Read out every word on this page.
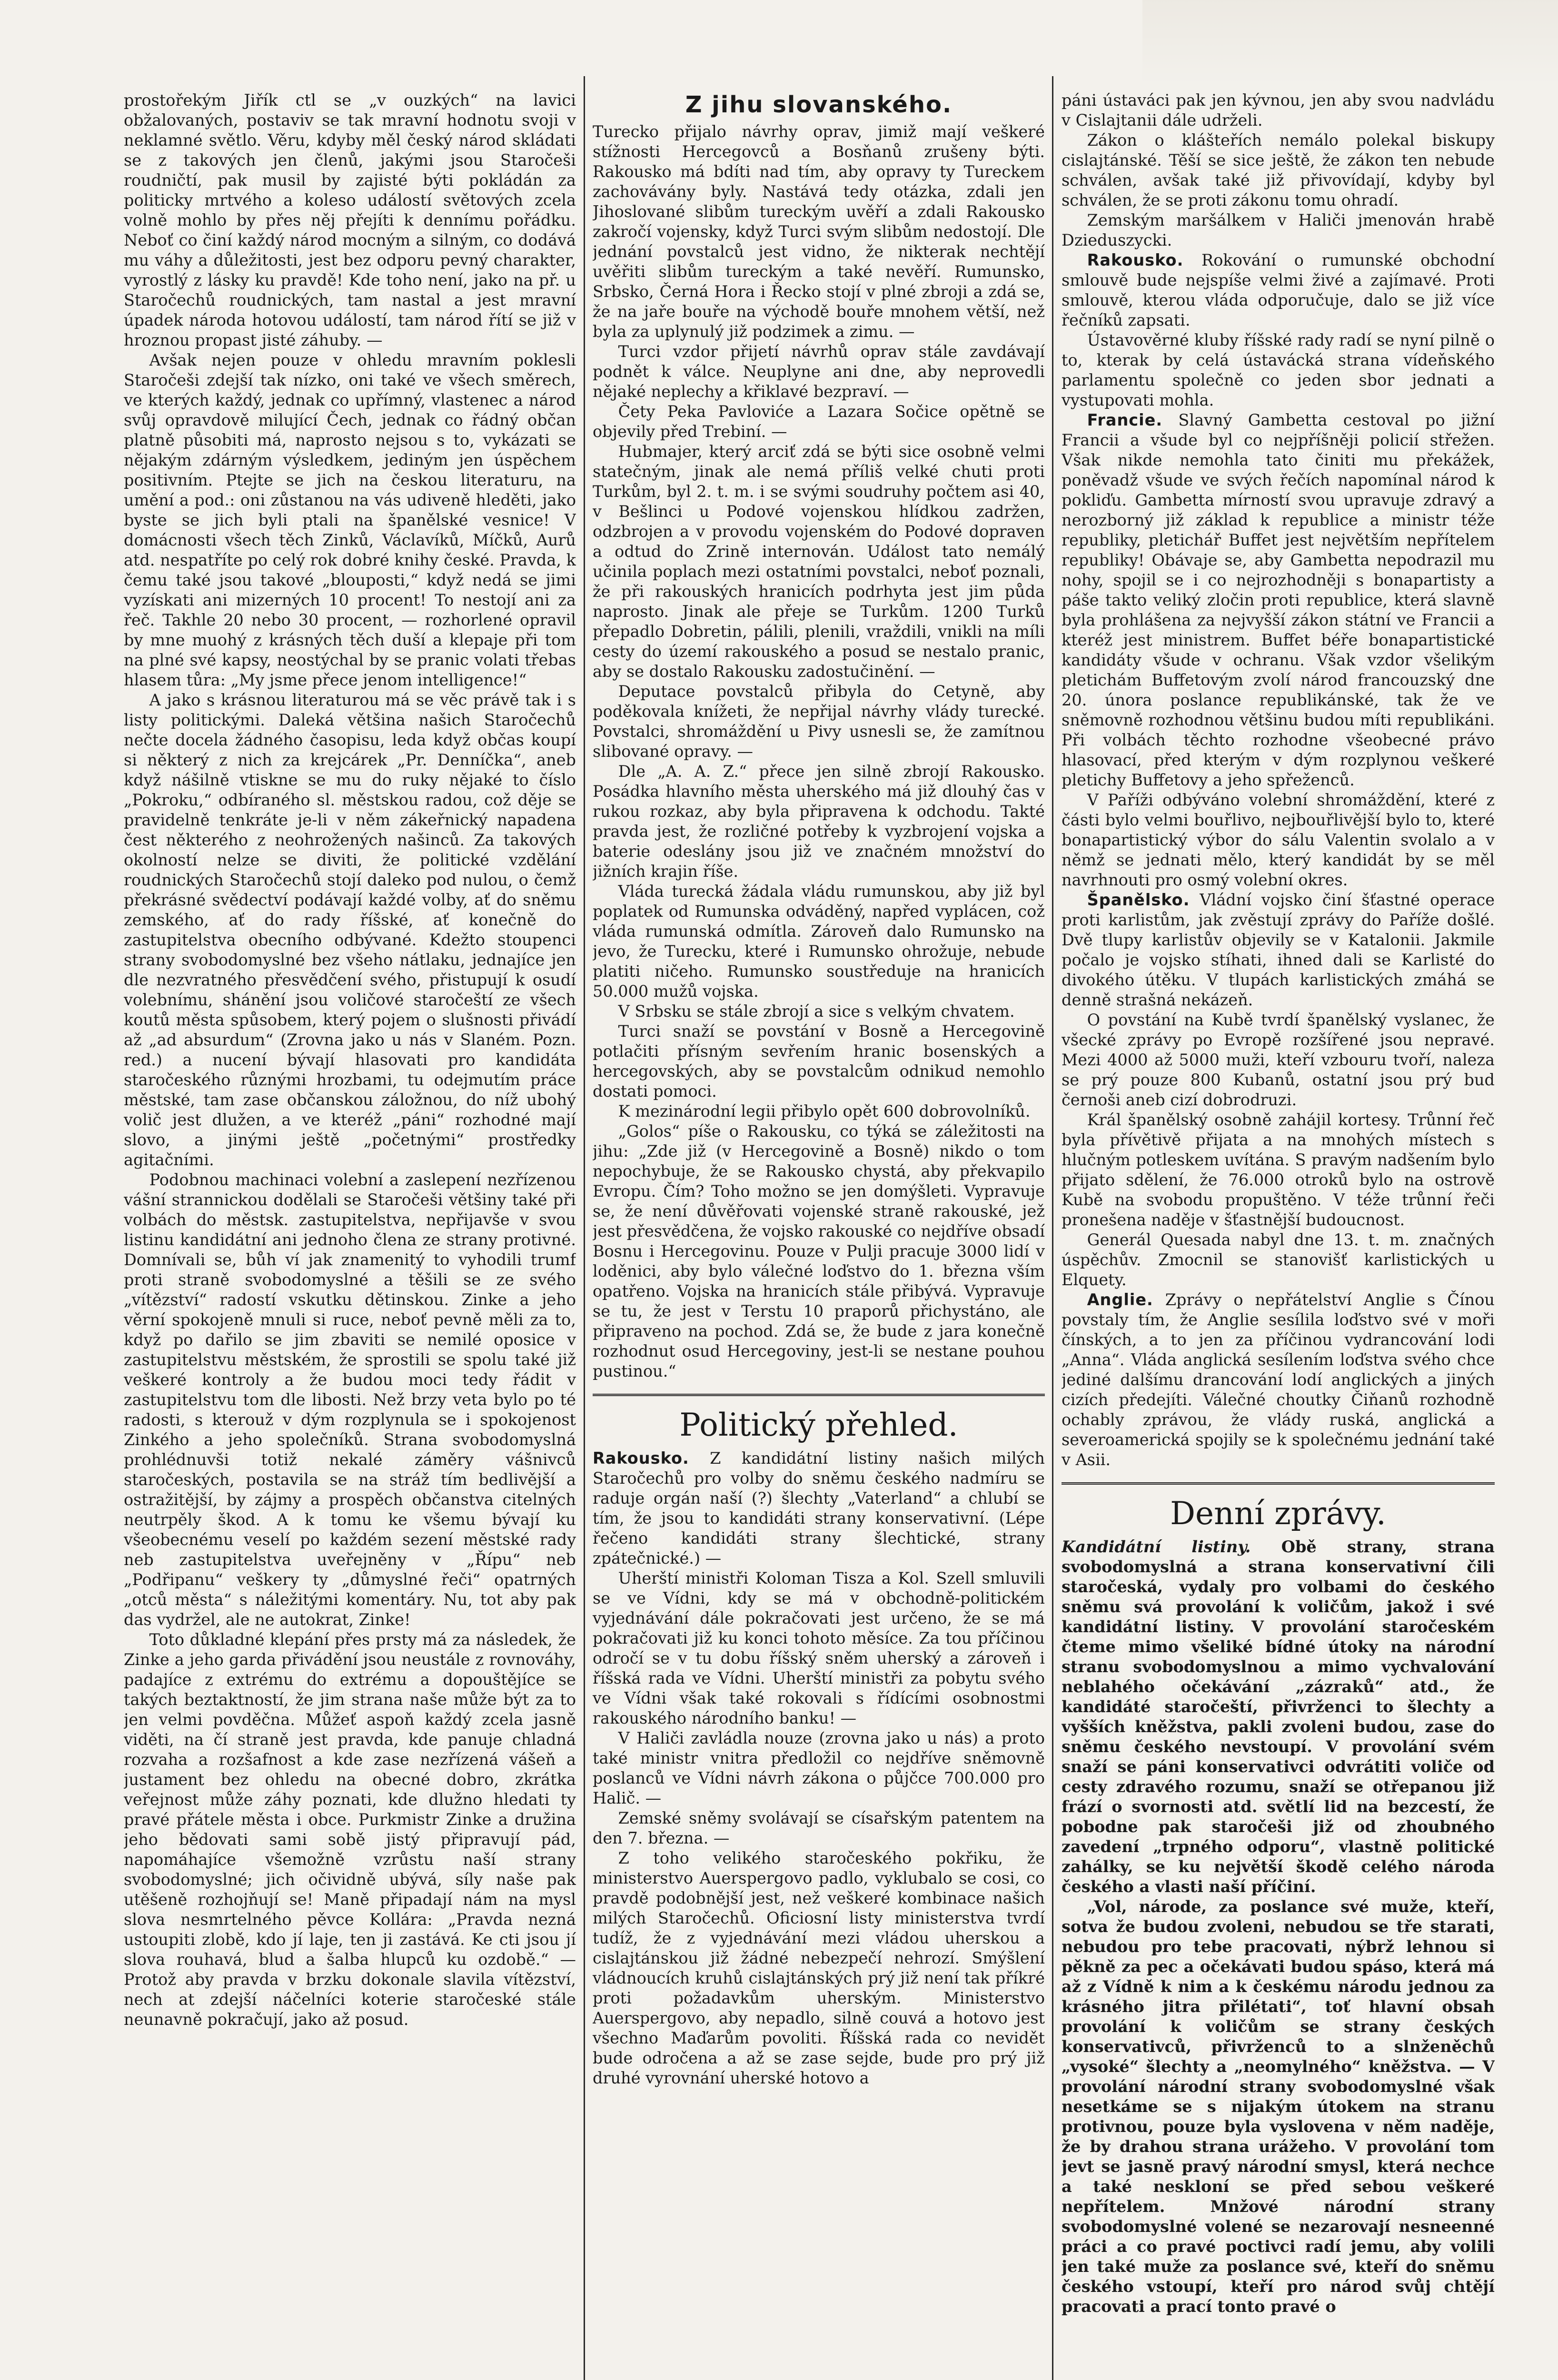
prostořekým Jiřík ctl se „v ouzkých“ na lavici obžalovaných, postaviv se tak mravní hodnotu svoji v neklamné světlo. Věru, kdyby měl český národ skládati se z takových jen členů, jakými jsou Staročeši roudničtí, pak musil by zajisté býti pokládán za politicky mrtvého a koleso událostí světových zcela volně mohlo by přes něj přejíti k dennímu pořádku. Neboť co činí každý národ mocným a silným, co dodává mu váhy a důležitosti, jest bez odporu pevný charakter, vyrostlý z lásky ku pravdě! Kde toho není, jako na př. u Staročechů roudnických, tam nastal a jest mravní úpadek národa hotovou událostí, tam národ řítí se již v hroznou propast jisté záhuby. —

Avšak nejen pouze v ohledu mravním poklesli Staročeši zdejší tak nízko, oni také ve všech směrech, ve kterých každý, jednak co upřímný, vlastenec a národ svůj opravdově milující Čech, jednak co řádný občan platně působiti má, naprosto nejsou s to, vykázati se nějakým zdárným výsledkem, jediným jen úspěchem positivním. Ptejte se jich na českou literaturu, na umění a pod.: oni zůstanou na vás udiveně hleděti, jako byste se jich byli ptali na španělské vesnice! V domácnosti všech těch Zinků, Václavíků, Míčků, Aurů atd. nespatříte po celý rok dobré knihy české. Pravda, k čemu také jsou takové „blouposti,“ když nedá se jimi vyzískati ani mizerných 10 procent! To nestojí ani za řeč. Takhle 20 nebo 30 procent, — rozhorlené opravil by mne muohý z krásných těch duší a klepaje při tom na plné své kapsy, neostýchal by se pranic volati třebas hlasem tůra: „My jsme přece jenom intelligence!“

A jako s krásnou literaturou má se věc právě tak i s listy politickými. Daleká většina našich Staročechů nečte docela žádného časopisu, leda když občas koupí si některý z nich za krejcárek „Pr. Denníčka“, aneb když nášilně vtiskne se mu do ruky nějaké to číslo „Pokroku,“ odbíraného sl. městskou radou, což děje se pravidelně tenkráte je-li v něm zákeřnický napadena čest některého z neohrožených našinců. Za takových okolností nelze se diviti, že politické vzdělání roudnických Staročechů stojí daleko pod nulou, o čemž překrásné svědectví podávají každé volby, ať do sněmu zemského, ať do rady říšské, ať konečně do zastupitelstva obecního odbývané. Kdežto stoupenci strany svobodomyslné bez všeho nátlaku, jednajíce jen dle nezvratného přesvědčení svého, přistupují k osudí volebnímu, shánění jsou voličové staročeští ze všech koutů města spůsobem, který pojem o slušnosti přivádí až „ad absurdum“ (Zrovna jako u nás v Slaném. Pozn. red.) a nucení bývají hlasovati pro kandidáta staročeského různými hrozbami, tu odejmutím práce městské, tam zase občanskou záložnou, do níž ubohý volič jest dlužen, a ve kteréž „páni“ rozhodné mají slovo, a jinými ještě „početnými“ prostředky agitačními.

Podobnou machinaci volební a zaslepení nezřízenou vášní strannickou dodělali se Staročeši většiny také při volbách do městsk. zastupitelstva, nepřijavše v svou listinu kandidátní ani jednoho člena ze strany protivné. Domnívali se, bůh ví jak znamenitý to vyhodili trumf proti straně svobodomyslné a těšili se ze svého „vítězství“ radostí vskutku dětinskou. Zinke a jeho věrní spokojeně mnuli si ruce, neboť pevně měli za to, když po dařilo se jim zbaviti se nemilé oposice v zastupitelstvu městském, že sprostili se spolu také již veškeré kontroly a že budou moci tedy řádit v zastupitelstvu tom dle libosti. Než brzy veta bylo po té radosti, s kterouž v dým rozplynula se i spokojenost Zinkého a jeho společníků. Strana svobodomyslná prohlédnuvši totiž nekalé záměry vášnivců staročeských, postavila se na stráž tím bedlivější a ostražitější, by zájmy a prospěch občanstva citelných neutrpěly škod. A k tomu ke všemu bývají ku všeobecnému veselí po každém sezení městské rady neb zastupitelstva uveřejněny v „Řípu“ neb „Podřipanu“ veškery ty „důmyslné řeči“ opatrných „otců města“ s náležitými komentáry. Nu, tot aby pak das vydržel, ale ne autokrat, Zinke!

Toto důkladné klepání přes prsty má za následek, že Zinke a jeho garda přivádění jsou neustále z rovnováhy, padajíce z extrému do extrému a dopouštějíce se takých beztaktností, že jim strana naše může být za to jen velmi povděčna. Můžeť aspoň každý zcela jasně viděti, na čí straně jest pravda, kde panuje chladná rozvaha a rozšafnost a kde zase nezřízená vášeň a justament bez ohledu na obecné dobro, zkrátka veřejnost může záhy poznati, kde dlužno hledati ty pravé přátele města i obce. Purkmistr Zinke a družina jeho bědovati sami sobě jistý připravují pád, napomáhajíce všemožně vzrůstu naší strany svobodomyslné; jich očividně ubývá, síly naše pak utěšeně rozhojňují se! Maně připadají nám na mysl slova nesmrtelného pěvce Kollára: „Pravda nezná ustoupiti zlobě, kdo jí laje, ten ji zastává. Ke cti jsou jí slova rouhavá, blud a šalba hlupců ku ozdobě.“ — Protož aby pravda v brzku dokonale slavila vítězství, nech at zdejší náčelníci koterie staročeské stále neunavně pokračují, jako až posud.

Z jihu slovanského.

Turecko přijalo návrhy oprav, jimiž mají veškeré stížnosti Hercegovců a Bosňanů zrušeny býti. Rakousko má bdíti nad tím, aby opravy ty Tureckem zachovávány byly. Nastává tedy otázka, zdali jen Jihoslované slibům tureckým uvěří a zdali Rakousko zakročí vojensky, když Turci svým slibům nedostojí. Dle jednání povstalců jest vidno, že nikterak nechtějí uvěřiti slibům tureckým a také nevěří. Rumunsko, Srbsko, Černá Hora i Řecko stojí v plné zbroji a zdá se, že na jaře bouře na východě bouře mnohem větší, než byla za uplynulý již podzimek a zimu. —

Turci vzdor přijetí návrhů oprav stále zavdávají podnět k válce. Neuplyne ani dne, aby neprovedli nějaké neplechy a křiklavé bezpraví. —

Čety Peka Pavloviće a Lazara Sočice opětně se objevily před Trebiní. —

Hubmajer, který arciť zdá se býti sice osobně velmi statečným, jinak ale nemá příliš velké chuti proti Turkům, byl 2. t. m. i se svými soudruhy počtem asi 40, v Bešlinci u Podové vojenskou hlídkou zadržen, odzbrojen a v provodu vojenském do Podové dopraven a odtud do Zrině internován. Událost tato nemálý učinila poplach mezi ostatními povstalci, neboť poznali, že při rakouských hranicích podrhyta jest jim půda naprosto. Jinak ale přeje se Turkům. 1200 Turků přepadlo Dobretin, pálili, plenili, vraždili, vnikli na míli cesty do území rakouského a posud se nestalo pranic, aby se dostalo Rakousku zadostučinění. —

Deputace povstalců přibyla do Cetyně, aby poděkovala knížeti, že nepřijal návrhy vlády turecké. Povstalci, shromáždění u Pivy usnesli se, že zamítnou slibované opravy. —

Dle „A. A. Z.“ přece jen silně zbrojí Rakousko. Posádka hlavního města uherského má již dlouhý čas v rukou rozkaz, aby byla připravena k odchodu. Takté pravda jest, že rozličné potřeby k vyzbrojení vojska a baterie odeslány jsou již ve značném množství do jižních krajin říše.

Vláda turecká žádala vládu rumunskou, aby již byl poplatek od Rumunska odváděný, napřed vyplácen, což vláda rumunská odmítla. Zároveň dalo Rumunsko na jevo, že Turecku, které i Rumunsko ohrožuje, nebude platiti ničeho. Rumunsko soustředuje na hranicích 50.000 mužů vojska.

V Srbsku se stále zbrojí a sice s velkým chvatem.

Turci snaží se povstání v Bosně a Hercegovině potlačiti přísným sevřením hranic bosenských a hercegovských, aby se povstalcům odnikud nemohlo dostati pomoci.

K mezinárodní legii přibylo opět 600 dobrovolníků.

„Golos“ píše o Rakousku, co týká se záležitosti na jihu: „Zde již (v Hercegovině a Bosně) nikdo o tom nepochybuje, že se Rakousko chystá, aby překvapilo Evropu. Čím? Toho možno se jen domýšleti. Vypravuje se, že není důvěřovati vojenské straně rakouské, jež jest přesvědčena, že vojsko rakouské co nejdříve obsadí Bosnu i Hercegovinu. Pouze v Pulji pracuje 3000 lidí v loděnici, aby bylo válečné loďstvo do 1. března vším opatřeno. Vojska na hranicích stále přibývá. Vypravuje se tu, že jest v Terstu 10 praporů přichystáno, ale připraveno na pochod. Zdá se, že bude z jara konečně rozhodnut osud Hercegoviny, jest-li se nestane pouhou pustinou.“

Politický přehled.

Rakousko. Z kandidátní listiny našich milých Staročechů pro volby do sněmu českého nadmíru se raduje orgán naší (?) šlechty „Vaterland“ a chlubí se tím, že jsou to kandidáti strany konservativní. (Lépe řečeno kandidáti strany šlechtické, strany zpátečnické.) —

Uherští ministři Koloman Tisza a Kol. Szell smluvili se ve Vídni, kdy se má v obchodně-politickém vyjednávání dále pokračovati jest určeno, že se má pokračovati již ku konci tohoto měsíce. Za tou příčinou odročí se v tu dobu říšský sněm uherský a zároveň i říšská rada ve Vídni. Uherští ministři za pobytu svého ve Vídni však také rokovali s řídícími osobnostmi rakouského národního banku! —

V Haliči zavládla nouze (zrovna jako u nás) a proto také ministr vnitra předložil co nejdříve sněmovně poslanců ve Vídni návrh zákona o půjčce 700.000 pro Halič. —

Zemské sněmy svolávají se císařským patentem na den 7. března. —

Z toho velikého staročeského pokřiku, že ministerstvo Auerspergovo padlo, vyklubalo se cosi, co pravdě podobnější jest, než veškeré kombinace našich milých Staročechů. Oficiosní listy ministerstva tvrdí tudíž, že z vyjednávání mezi vládou uherskou a cislajtánskou již žádné nebezpečí nehrozí. Smýšlení vládnoucích kruhů cislajtánských prý již není tak příkré proti požadavkům uherským. Ministerstvo Auerspergovo, aby nepadlo, silně couvá a hotovo jest všechno Maďarům povoliti. Říšská rada co nevidět bude odročena a až se zase sejde, bude pro prý již druhé vyrovnání uherské hotovo a

páni ústaváci pak jen kývnou, jen aby svou nadvládu v Cislajtanii dále udrželi.

Zákon o klášteřích nemálo polekal biskupy cislajtánské. Těší se sice ještě, že zákon ten nebude schválen, avšak také již přivovídají, kdyby byl schválen, že se proti zákonu tomu ohradí.

Zemským maršálkem v Haliči jmenován hrabě Dzieduszycki.

Rakousko. Rokování o rumunské obchodní smlouvě bude nejspíše velmi živé a zajímavé. Proti smlouvě, kterou vláda odporučuje, dalo se již více řečníků zapsati.

Ústavověrné kluby říšské rady radí se nyní pilně o to, kterak by celá ústavácká strana vídeňského parlamentu společně co jeden sbor jednati a vystupovati mohla.

Francie. Slavný Gambetta cestoval po jižní Francii a všude byl co nejpříšněji policií střežen. Však nikde nemohla tato činiti mu překážek, poněvadž všude ve svých řečích napomínal národ k pokliďu. Gambetta mírností svou upravuje zdravý a nerozborný již základ k republice a ministr téže republiky, pletichář Buffet jest největším nepřítelem republiky! Obávaje se, aby Gambetta nepodrazil mu nohy, spojil se i co nejrozhodněji s bonapartisty a páše takto veliký zločin proti republice, která slavně byla prohlášena za nejvyšší zákon státní ve Francii a kteréž jest ministrem. Buffet béře bonapartistické kandidáty všude v ochranu. Však vzdor všelikým pletichám Buffetovým zvolí národ francouzský dne 20. února poslance republikánské, tak že ve sněmovně rozhodnou většinu budou míti republikáni. Při volbách těchto rozhodne všeobecné právo hlasovací, před kterým v dým rozplynou veškeré pletichy Buffetovy a jeho spřeženců.

V Paříži odbýváno volební shromáždění, které z části bylo velmi bouřlivo, nejbouřlivější bylo to, které bonapartistický výbor do sálu Valentin svolalo a v němž se jednati mělo, který kandidát by se měl navrhnouti pro osmý volební okres.

Španělsko. Vládní vojsko činí šťastné operace proti karlistům, jak zvěstují zprávy do Paříže došlé. Dvě tlupy karlistův objevily se v Katalonii. Jakmile počalo je vojsko stíhati, ihned dali se Karlisté do divokého útěku. V tlupách karlistických zmáhá se denně strašná nekázeň.

O povstání na Kubě tvrdí španělský vyslanec, že všecké zprávy po Evropě rozšířené jsou nepravé. Mezi 4000 až 5000 muži, kteří vzbouru tvoří, naleza se prý pouze 800 Kubanů, ostatní jsou prý bud černoši aneb cizí dobrodruzi.

Král španělský osobně zahájil kortesy. Trůnní řeč byla přívětivě přijata a na mnohých místech s hlučným potleskem uvítána. S pravým nadšením bylo přijato sdělení, že 76.000 otroků bylo na ostrově Kubě na svobodu propuštěno. V téže trůnní řeči pronešena naděje v šťastnější budoucnost.

Generál Quesada nabyl dne 13. t. m. značných úspěchův. Zmocnil se stanovišť karlistických u Elquety.

Anglie. Zprávy o nepřátelství Anglie s Čínou povstaly tím, že Anglie sesílila loďstvo své v moři čínských, a to jen za příčinou vydrancování lodi „Anna“. Vláda anglická sesílením loďstva svého chce jediné dalšímu drancování lodí anglických a jiných cizích předejíti. Válečné choutky Čiňanů rozhodně ochably zprávou, že vlády ruská, anglická a severoamerická spojily se k společnému jednání také v Asii.

Denní zprávy.

Kandidátní listiny. Obě strany, strana svobodomyslná a strana konservativní čili staročeská, vydaly pro volbami do českého sněmu svá provolání k voličům, jakož i své kandidátní listiny. V provolání staročeském čteme mimo všeliké bídné útoky na národní stranu svobodomyslnou a mimo vychvalování neblahého očekávání „zázraků“ atd., že kandidáté staročeští, přivrženci to šlechty a vyšších kněžstva, pakli zvoleni budou, zase do sněmu českého nevstoupí. V provolání svém snaží se páni konservativci odvrátiti voliče od cesty zdravého rozumu, snaží se otřepanou již frází o svornosti atd. světlí lid na bezcestí, že pobodne pak staročeši již od zhoubného zavedení „trpného odporu“, vlastně politické zahálky, se ku největší škodě celého národa českého a vlasti naší příčiní.

„Vol, národe, za poslance své muže, kteří, sotva že budou zvoleni, nebudou se tře starati, nebudou pro tebe pracovati, nýbrž lehnou si pěkně za pec a očekávati budou spáso, která má až z Vídně k nim a k českému národu jednou za krásného jitra přilétati“, toť hlavní obsah provolání k voličům se strany českých konservativců, přivrženců to a slnženěchů „vysoké“ šlechty a „neomylného“ kněžstva. — V provolání národní strany svobodomyslné však nesetkáme se s nijakým útokem na stranu protivnou, pouze byla vyslovena v něm naděje, že by drahou strana urážeho. V provolání tom jevt se jasně pravý národní smysl, která nechce a také neskloní se před sebou veškeré nepřítelem. Mnžové národní strany svobodomyslné volené se nezarovají nesneenné práci a co pravé poctivci radí jemu, aby volili jen také muže za poslance své, kteří do sněmu českého vstoupí, kteří pro národ svůj chtějí pracovati a prací tonto pravé o
